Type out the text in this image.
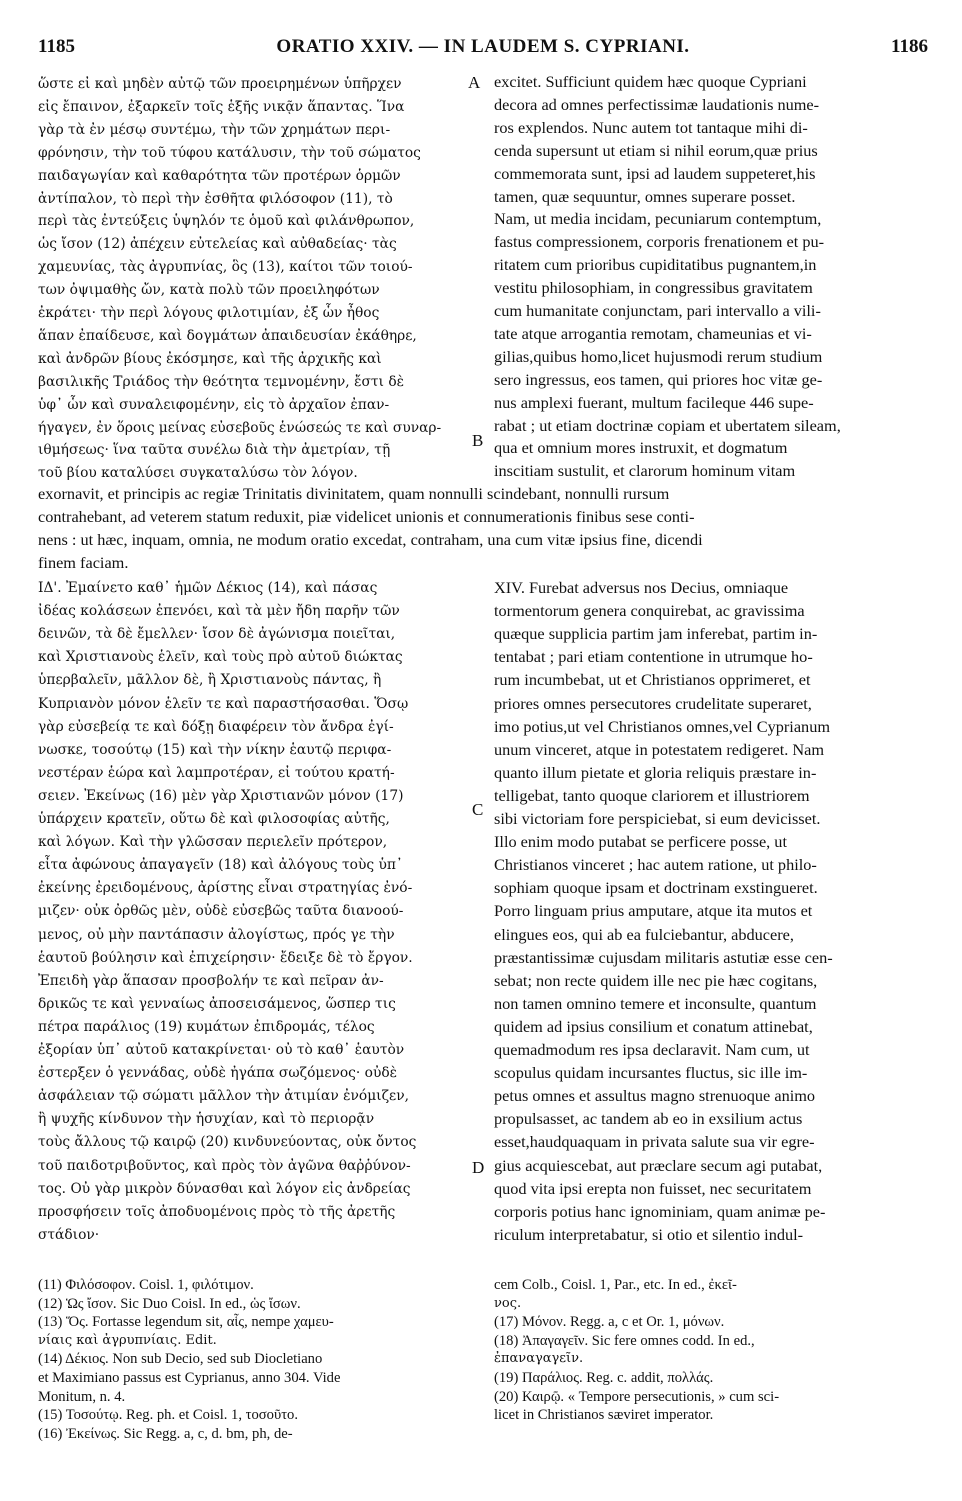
1185	ORATIO XXIV. — IN LAUDEM S. CYPRIANI.	1186
ὥστε εἰ καὶ μηδὲν αὐτῷ τῶν προειρημένων ὑπῆρχεν
εἰς ἔπαινον, ἐξαρκεῖν τοῖς ἑξῆς νικᾷν ἅπαντας. Ἵνα
γὰρ τὰ ἐν μέσῳ συντέμω, τὴν τῶν χρημάτων περι-
φρόνησιν, τὴν τοῦ τύφου κατάλυσιν, τὴν τοῦ σώματος
παιδαγωγίαν καὶ καθαρότητα τῶν προτέρων ὁρμῶν
ἀντίπαλον, τὸ περὶ τὴν ἐσθῆτα φιλόσοφον (11), τὸ
περὶ τὰς ἐντεύξεις ὑψηλόν τε ὁμοῦ καὶ φιλάνθρωπον,
ὡς ἴσον (12) ἀπέχειν εὐτελείας καὶ αὐθαδείας· τὰς
χαμευνίας, τὰς ἀγρυπνίας, ὃς (13), καίτοι τῶν τοιού-
των ὀψιμαθὴς ὤν, κατὰ πολὺ τῶν προειληφότων
ἐκράτει· τὴν περὶ λόγους φιλοτιμίαν, ἐξ ὧν ἦθος
ἅπαν ἐπαίδευσε, καὶ δογμάτων ἀπαιδευσίαν ἐκάθηρε,
καὶ ἀνδρῶν βίους ἐκόσμησε, καὶ τῆς ἀρχικῆς καὶ
βασιλικῆς Τριάδος τὴν θεότητα τεμνομένην, ἔστι δὲ
ὑφ᾽ ὧν καὶ συναλειφομένην, εἰς τὸ ἀρχαῖον ἐπαν-
ήγαγεν, ἐν ὅροις μείνας εὐσεβοῦς ἑνώσεώς τε καὶ συναρ-
ιθμήσεως· ἵνα ταῦτα συνέλω διὰ τὴν ἀμετρίαν, τῇ
τοῦ βίου καταλύσει συγκαταλύσω τὸν λόγον.
excitet. Sufficiunt quidem hæc quoque Cypriani
decora ad omnes perfectissimæ laudationis nume-
ros explendos. Nunc autem tot tantaque mihi di-
cenda supersunt ut etiam si nihil eorum,quæ prius
commemorata sunt, ipsi ad laudem suppeteret,his
tamen, quæ sequuntur, omnes superare posset.
Nam, ut media incidam, pecuniarum contemptum,
fastus compressionem, corporis frenationem et pu-
ritatem cum prioribus cupiditatibus pugnantem,in
vestitu philosophiam, in congressibus gravitatem
cum humanitate conjunctam, pari intervallo a vili-
tate atque arrogantia remotam, chameunias et vi-
gilias,quibus homo,licet hujusmodi rerum studium
sero ingressus, eos tamen, qui priores hoc vitæ ge-
nus amplexi fuerant, multum facileque 446 supe-
rabat ; ut etiam doctrinæ copiam et ubertatem sileam,
qua et omnium mores instruxit, et dogmatum
inscitiam sustulit, et clarorum hominum vitam
exornavit, et principis ac regiæ Trinitatis divinitatem, quam nonnulli scindebant, nonnulli rursum
contrahebant, ad veterem statum reduxit, piæ videlicet unionis et connumerationis finibus sese conti-
nens : ut hæc, inquam, omnia, ne modum oratio excedat, contraham, una cum vitæ ipsius fine, dicendi
finem faciam.
ΙΔ'. Ἐμαίνετο καθ᾽ ἡμῶν Δέκιος (14), καὶ πάσας
ἰδέας κολάσεων ἐπενόει, καὶ τὰ μὲν ἤδη παρῆν τῶν
δεινῶν, τὰ δὲ ἔμελλεν· ἴσον δὲ ἀγώνισμα ποιεῖται,
καὶ Χριστιανοὺς ἑλεῖν, καὶ τοὺς πρὸ αὐτοῦ διώκτας
ὑπερβαλεῖν, μᾶλλον δὲ, ἢ Χριστιανοὺς πάντας, ἢ
Κυπριανὸν μόνον ἑλεῖν τε καὶ παραστήσασθαι. Ὅσῳ
γὰρ εὐσεβείᾳ τε καὶ δόξῃ διαφέρειν τὸν ἄνδρα ἐγί-
νωσκε, τοσούτῳ (15) καὶ τὴν νίκην ἑαυτῷ περιφα-
νεστέραν ἑώρα καὶ λαμπροτέραν, εἰ τούτου κρατή-
σειεν. Ἐκείνως (16) μὲν γὰρ Χριστιανῶν μόνον (17)
ὑπάρχειν κρατεῖν, οὕτω δὲ καὶ φιλοσοφίας αὐτῆς,
καὶ λόγων. Καὶ τὴν γλῶσσαν περιελεῖν πρότερον,
εἶτα ἀφώνους ἀπαγαγεῖν (18) καὶ ἀλόγους τοὺς ὑπ᾽
ἐκείνης ἐρειδομένους, ἀρίστης εἶναι στρατηγίας ἐνό-
μιζεν· οὐκ ὀρθῶς μὲν, οὐδὲ εὐσεβῶς ταῦτα διανοού-
μενος, οὐ μὴν παντάπασιν ἀλογίστως, πρός γε τὴν
ἑαυτοῦ βούλησιν καὶ ἐπιχείρησιν· ἔδειξε δὲ τὸ ἔργον.
Ἐπειδὴ γὰρ ἅπασαν προσβολήν τε καὶ πεῖραν ἀν-
δρικῶς τε καὶ γενναίως ἀποσεισάμενος, ὥσπερ τις
πέτρα παράλιος (19) κυμάτων ἐπιδρομάς, τέλος
ἐξορίαν ὑπ᾽ αὐτοῦ κατακρίνεται· οὐ τὸ καθ᾽ ἑαυτὸν
ἐστερξεν ὁ γεννάδας, οὐδὲ ἠγάπα σωζόμενος· οὐδὲ
ἀσφάλειαν τῷ σώματι μᾶλλον τὴν ἀτιμίαν ἐνόμιζεν,
ἢ ψυχῆς κίνδυνον τὴν ἡσυχίαν, καὶ τὸ περιορᾷν
τοὺς ἄλλους τῷ καιρῷ (20) κινδυνεύοντας, οὐκ ὄντος
τοῦ παιδοτριβοῦντος, καὶ πρὸς τὸν ἀγῶνα θαῤῥύνον-
τος. Οὐ γὰρ μικρὸν δύνασθαι καὶ λόγον εἰς ἀνδρείας
προσφήσειν τοῖς ἀποδυομένοις πρὸς τὸ τῆς ἀρετῆς
στάδιον·
XIV. Furebat adversus nos Decius, omniaque
tormentorum genera conquirebat, ac gravissima
quæque supplicia partim jam inferebat, partim in-
tentabat ; pari etiam contentione in utrumque ho-
rum incumbebat, ut et Christianos opprimeret, et
priores omnes persecutores crudelitate superaret,
imo potius,ut vel Christianos omnes,vel Cyprianum
unum vinceret, atque in potestatem redigeret. Nam
quanto illum pietate et gloria reliquis præstare in-
telligebat, tanto quoque clariorem et illustriorem
sibi victoriam fore perspiciebat, si eum devicisset.
Illo enim modo putabat se perficere posse, ut
Christianos vinceret ; hac autem ratione, ut philo-
sophiam quoque ipsam et doctrinam exstingueret.
Porro linguam prius amputare, atque ita mutos et
elingues eos, qui ab ea fulciebantur, abducere,
præstantissimæ cujusdam militaris astutiæ esse cen-
sebat; non recte quidem ille nec pie hæc cogitans,
non tamen omnino temere et inconsulte, quantum
quidem ad ipsius consilium et conatum attinebat,
quemadmodum res ipsa declaravit. Nam cum, ut
scopulus quidam incursantes fluctus, sic ille im-
petus omnes et assultus magno strenuoque animo
propulsasset, ac tandem ab eo in exsilium actus
esset,haudquaquam in privata salute sua vir egre-
gius acquiescebat, aut præclare secum agi putabat,
quod vita ipsi erepta non fuisset, nec securitatem
corporis potius hanc ignominiam, quam animæ pe-
riculum interpretabatur, si otio et silentio indul-
(11) Φιλόσοφον. Coisl. 1, φιλότιμον.
(12) Ὡς ἴσον. Sic Duo Coisl. In ed., ὡς ἴσων.
(13) Ὅς. Fortasse legendum sit, αἷς, nempe χαμευ-
νίαις καὶ ἀγρυπνίαις. Edit.
(14) Δέκιος. Non sub Decio, sed sub Diocletiano
et Maximiano passus est Cyprianus, anno 304. Vide
Monitum, n. 4.
(15) Τοσούτῳ. Reg. ph. et Coisl. 1, τοσοῦτο.
(16) Ἐκείνως. Sic Regg. a, c, d. bm, ph, de-
cem Colb., Coisl. 1, Par., etc. In ed., ἐκεῖ-
νος.
(17) Μόνον. Regg. a, c et Or. 1, μόνων.
(18) Ἀπαγαγεῖν. Sic fere omnes codd. In ed.,
ἐπαναγαγεῖν.
(19) Παράλιος. Reg. c. addit, πολλάς.
(20) Καιρῷ. « Tempore persecutionis, » cum sci-
licet in Christianos sæviret imperator.
A
B
C
D
